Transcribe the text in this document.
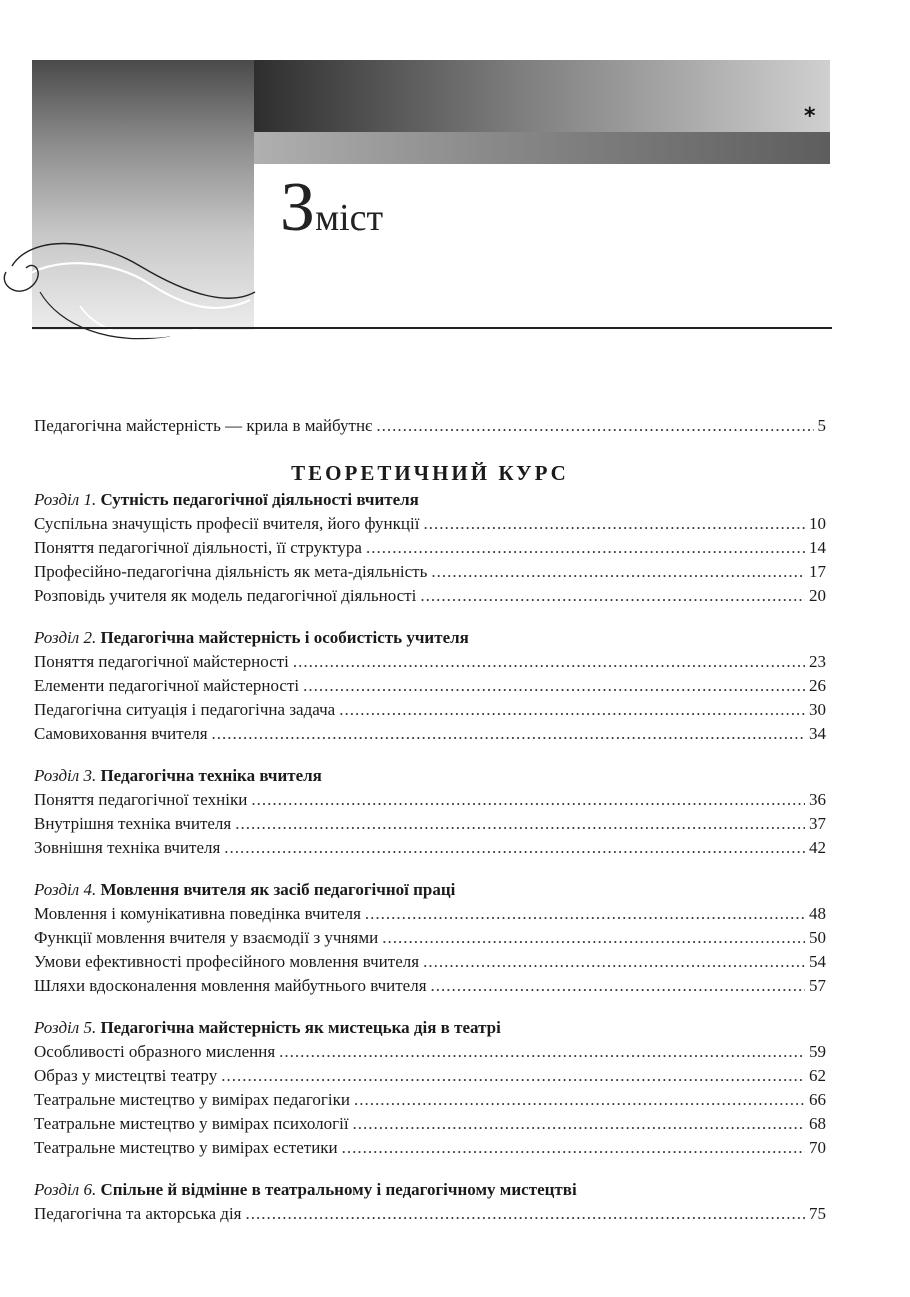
*
Зміст
Педагогічна майстерність — крила в майбутнє .....	5
ТЕОРЕТИЧНИЙ КУРС
Розділ 1. Сутність педагогічної діяльності вчителя
Суспільна значущість професії вчителя, його функції .....	10
Поняття педагогічної діяльності, її структура .....	14
Професійно-педагогічна діяльність як мета-діяльність .....	17
Розповідь учителя як модель педагогічної діяльності .....	20
Розділ 2. Педагогічна майстерність і особистість учителя
Поняття педагогічної майстерності .....	23
Елементи педагогічної майстерності .....	26
Педагогічна ситуація і педагогічна задача .....	30
Самовиховання вчителя .....	34
Розділ 3. Педагогічна техніка вчителя
Поняття педагогічної техніки .....	36
Внутрішня техніка вчителя .....	37
Зовнішня техніка вчителя .....	42
Розділ 4. Мовлення вчителя як засіб педагогічної праці
Мовлення і комунікативна поведінка вчителя .....	48
Функції мовлення вчителя у взаємодії з учнями .....	50
Умови ефективності професійного мовлення вчителя .....	54
Шляхи вдосконалення мовлення майбутнього вчителя .....	57
Розділ 5. Педагогічна майстерність як мистецька дія в театрі
Особливості образного мислення .....	59
Образ у мистецтві театру .....	62
Театральне мистецтво у вимірах педагогіки .....	66
Театральне мистецтво у вимірах психології .....	68
Театральне мистецтво у вимірах естетики .....	70
Розділ 6. Спільне й відмінне в театральному і педагогічному мистецтві
Педагогічна та акторська дія .....	75
